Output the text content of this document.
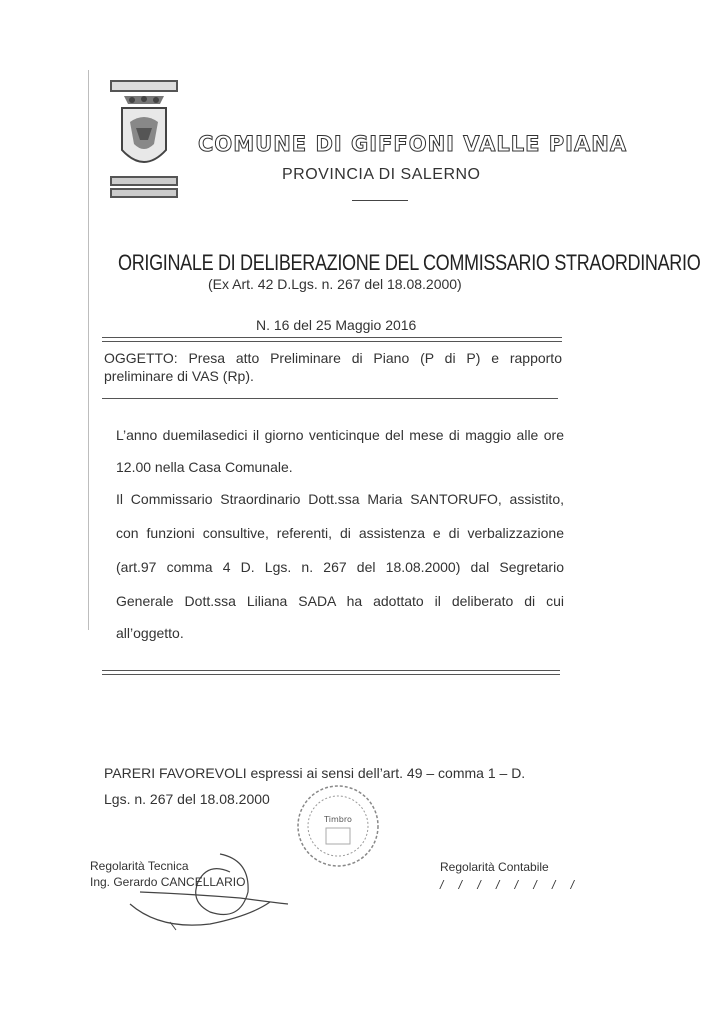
COMUNE DI GIFFONI VALLE PIANA
PROVINCIA DI SALERNO
ORIGINALE DI DELIBERAZIONE DEL COMMISSARIO STRAORDINARIO
(Ex Art. 42 D.Lgs. n. 267 del 18.08.2000)
N. 16 del 25 Maggio 2016
OGGETTO: Presa atto Preliminare di Piano (P di P) e rapporto preliminare di VAS (Rp).
L’anno duemilasedici il giorno venticinque del mese di maggio alle ore
12.00 nella Casa Comunale.
Il Commissario Straordinario Dott.ssa Maria SANTORUFO, assistito,
con funzioni consultive, referenti, di assistenza e di verbalizzazione
(art.97 comma 4 D. Lgs. n. 267 del 18.08.2000) dal Segretario
Generale Dott.ssa Liliana SADA ha adottato il deliberato di cui
all’oggetto.
PARERI FAVOREVOLI espressi ai sensi dell’art. 49 – comma 1 – D.
Lgs. n. 267 del 18.08.2000
Timbro
Regolarità Tecnica
Ing. Gerardo CANCELLARIO
Regolarità Contabile
/ / / / / / / /
